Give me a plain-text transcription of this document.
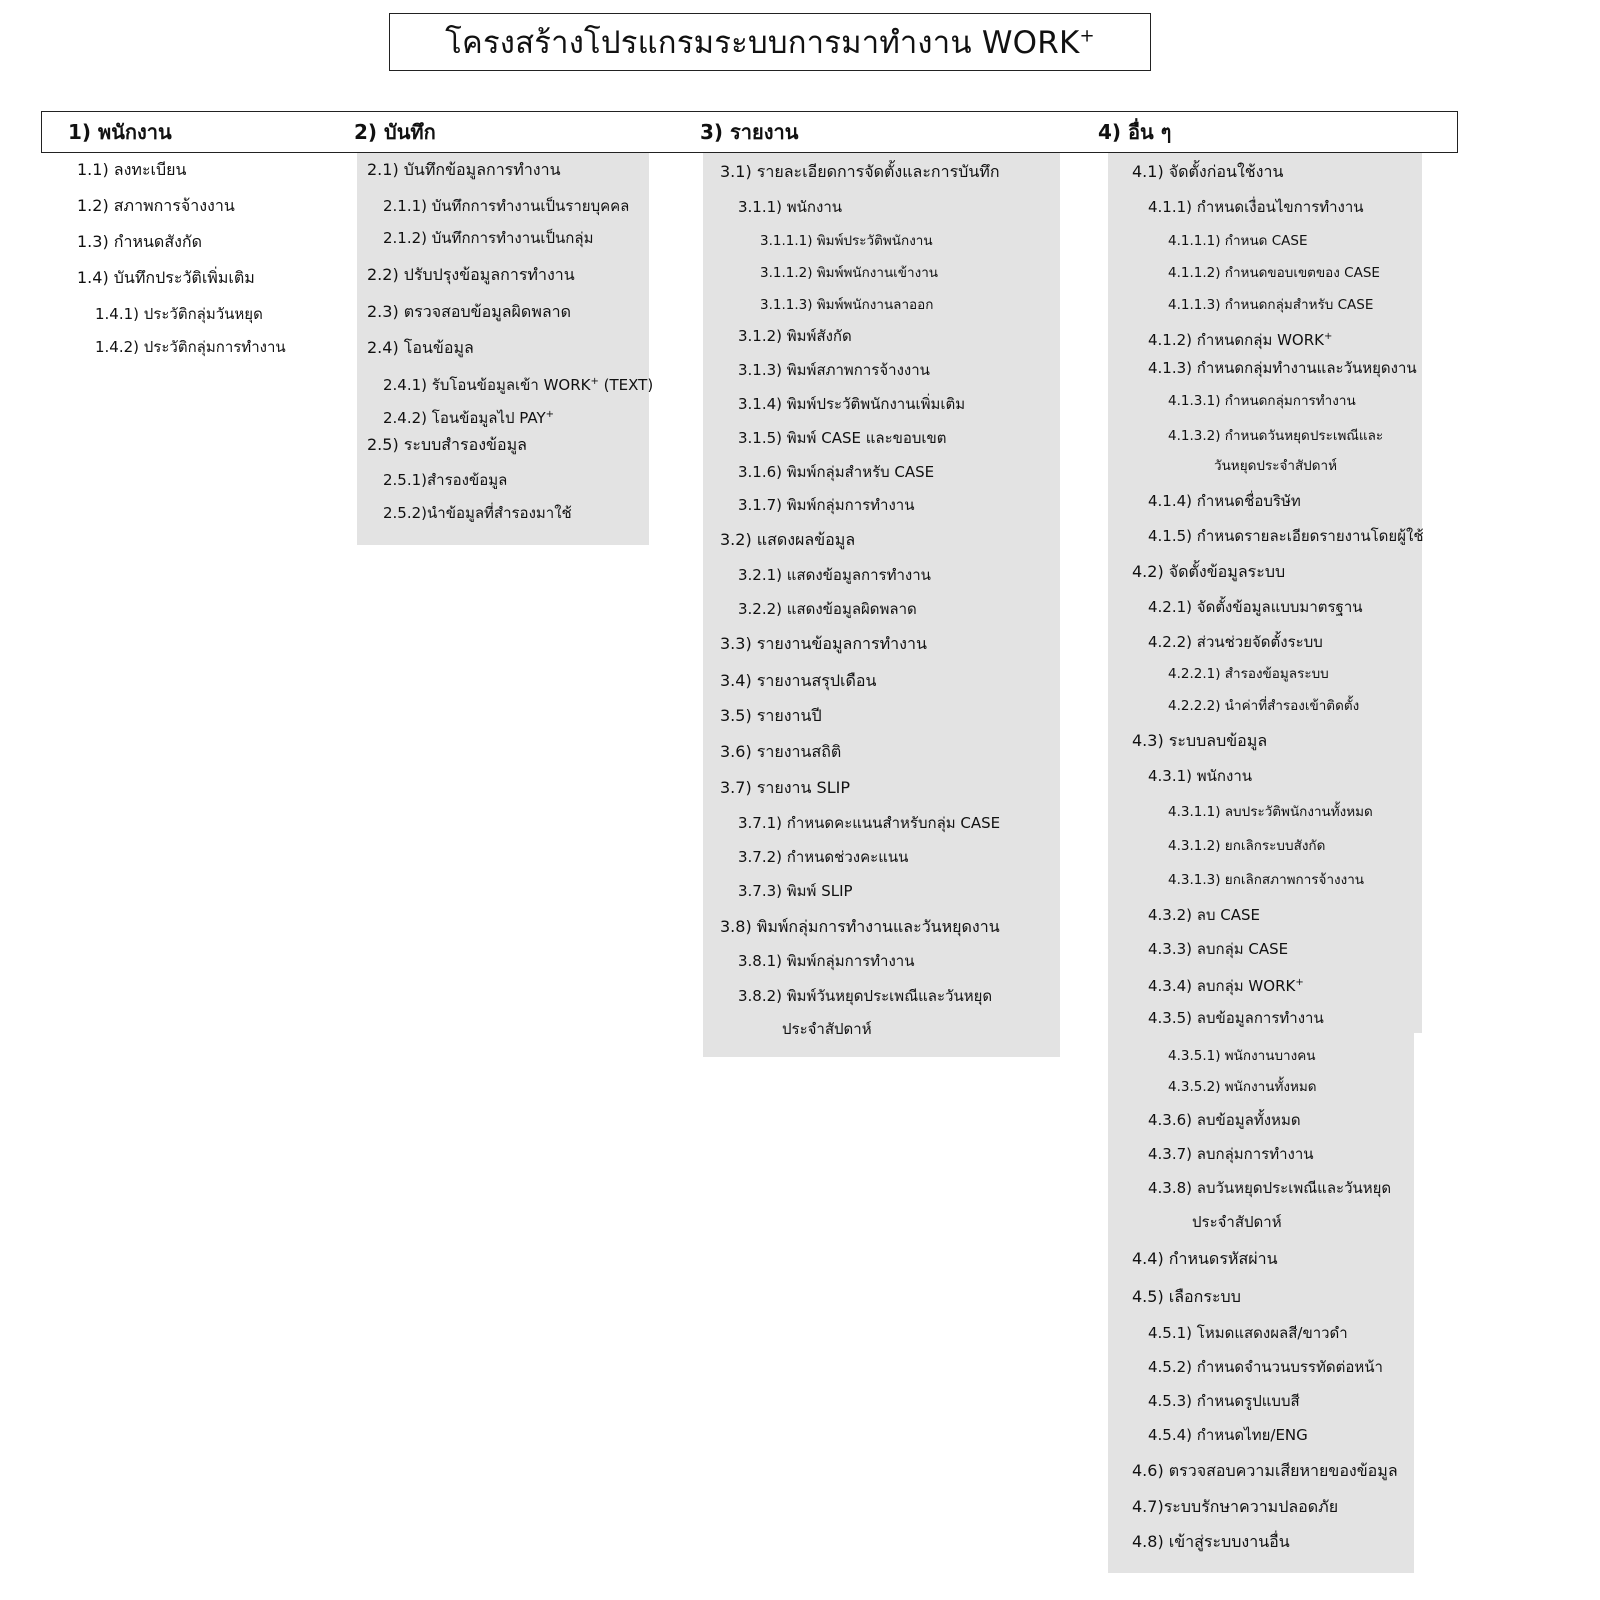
โครงสร้างโปรแกรมระบบการมาทำงาน WORK+
1) พนักงาน	2) บันทึก	3) รายงาน	4) อื่น ๆ
1.1) ลงทะเบียน
1.2) สภาพการจ้างงาน
1.3) กำหนดสังกัด
1.4) บันทึกประวัติเพิ่มเติม
1.4.1) ประวัติกลุ่มวันหยุด
1.4.2) ประวัติกลุ่มการทำงาน
2.1) บันทึกข้อมูลการทำงาน
2.1.1) บันทึกการทำงานเป็นรายบุคคล
2.1.2) บันทึกการทำงานเป็นกลุ่ม
2.2) ปรับปรุงข้อมูลการทำงาน
2.3) ตรวจสอบข้อมูลผิดพลาด
2.4) โอนข้อมูล
2.4.1) รับโอนข้อมูลเข้า WORK+ (TEXT)
2.4.2) โอนข้อมูลไป PAY+
2.5) ระบบสำรองข้อมูล
2.5.1)สำรองข้อมูล
2.5.2)นำข้อมูลที่สำรองมาใช้
3.1) รายละเอียดการจัดตั้งและการบันทึก
3.1.1) พนักงาน
3.1.1.1) พิมพ์ประวัติพนักงาน
3.1.1.2) พิมพ์พนักงานเข้างาน
3.1.1.3) พิมพ์พนักงานลาออก
3.1.2) พิมพ์สังกัด
3.1.3) พิมพ์สภาพการจ้างงาน
3.1.4) พิมพ์ประวัติพนักงานเพิ่มเติม
3.1.5) พิมพ์ CASE และขอบเขต
3.1.6) พิมพ์กลุ่มสำหรับ CASE
3.1.7) พิมพ์กลุ่มการทำงาน
3.2) แสดงผลข้อมูล
3.2.1) แสดงข้อมูลการทำงาน
3.2.2) แสดงข้อมูลผิดพลาด
3.3) รายงานข้อมูลการทำงาน
3.4) รายงานสรุปเดือน
3.5) รายงานปี
3.6) รายงานสถิติ
3.7) รายงาน SLIP
3.7.1) กำหนดคะแนนสำหรับกลุ่ม CASE
3.7.2) กำหนดช่วงคะแนน
3.7.3) พิมพ์ SLIP
3.8) พิมพ์กลุ่มการทำงานและวันหยุดงาน
3.8.1) พิมพ์กลุ่มการทำงาน
3.8.2) พิมพ์วันหยุดประเพณีและวันหยุด
ประจำสัปดาห์
4.1) จัดตั้งก่อนใช้งาน
4.1.1) กำหนดเงื่อนไขการทำงาน
4.1.1.1) กำหนด CASE
4.1.1.2) กำหนดขอบเขตของ CASE
4.1.1.3) กำหนดกลุ่มสำหรับ CASE
4.1.2) กำหนดกลุ่ม WORK+
4.1.3) กำหนดกลุ่มทำงานและวันหยุดงาน
4.1.3.1) กำหนดกลุ่มการทำงาน
4.1.3.2) กำหนดวันหยุดประเพณีและ
วันหยุดประจำสัปดาห์
4.1.4) กำหนดชื่อบริษัท
4.1.5) กำหนดรายละเอียดรายงานโดยผู้ใช้
4.2) จัดตั้งข้อมูลระบบ
4.2.1) จัดตั้งข้อมูลแบบมาตรฐาน
4.2.2) ส่วนช่วยจัดตั้งระบบ
4.2.2.1) สำรองข้อมูลระบบ
4.2.2.2) นำค่าที่สำรองเข้าติดตั้ง
4.3) ระบบลบข้อมูล
4.3.1) พนักงาน
4.3.1.1) ลบประวัติพนักงานทั้งหมด
4.3.1.2) ยกเลิกระบบสังกัด
4.3.1.3) ยกเลิกสภาพการจ้างงาน
4.3.2) ลบ CASE
4.3.3) ลบกลุ่ม CASE
4.3.4) ลบกลุ่ม WORK+
4.3.5) ลบข้อมูลการทำงาน
4.3.5.1) พนักงานบางคน
4.3.5.2) พนักงานทั้งหมด
4.3.6) ลบข้อมูลทั้งหมด
4.3.7) ลบกลุ่มการทำงาน
4.3.8) ลบวันหยุดประเพณีและวันหยุด
ประจำสัปดาห์
4.4) กำหนดรหัสผ่าน
4.5) เลือกระบบ
4.5.1) โหมดแสดงผลสี/ขาวดำ
4.5.2) กำหนดจำนวนบรรทัดต่อหน้า
4.5.3) กำหนดรูปแบบสี
4.5.4) กำหนดไทย/ENG
4.6) ตรวจสอบความเสียหายของข้อมูล
4.7)ระบบรักษาความปลอดภัย
4.8) เข้าสู่ระบบงานอื่น
